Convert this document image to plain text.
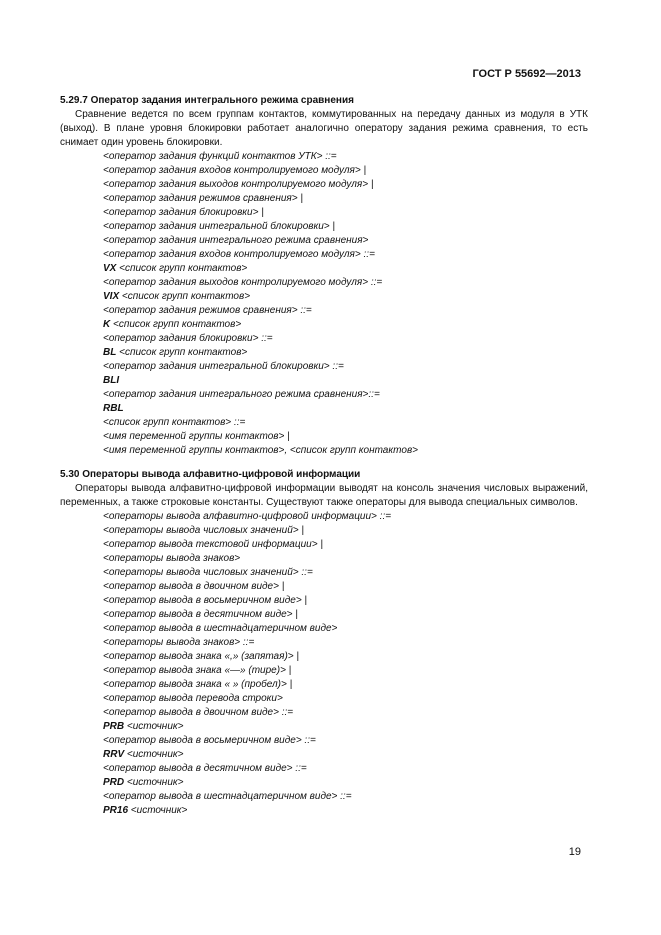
ГОСТ Р 55692—2013
5.29.7 Оператор задания интегрального режима сравнения
Сравнение ведется по всем группам контактов, коммутированных на передачу данных из модуля в УТК (выход). В плане уровня блокировки работает аналогично оператору задания режима сравнения, то есть снимает один уровень блокировки.
<оператор задания функций контактов УТК> ::=
<оператор задания входов контролируемого модуля> |
<оператор задания выходов контролируемого модуля> |
<оператор задания режимов сравнения> |
<оператор задания блокировки> |
<оператор задания интегральной блокировки> |
<оператор задания интегрального режима сравнения>
<оператор задания входов контролируемого модуля> ::=
VX <список групп контактов>
<оператор задания выходов контролируемого модуля> ::=
VIX <список групп контактов>
<оператор задания режимов сравнения> ::=
K <список групп контактов>
<оператор задания блокировки> ::=
BL <список групп контактов>
<оператор задания интегральной блокировки> ::=
BLI
<оператор задания интегрального режима сравнения>::=
RBL
<список групп контактов> ::=
<имя переменной группы контактов> |
<имя переменной группы контактов>, <список групп контактов>
5.30 Операторы вывода алфавитно-цифровой информации
Операторы вывода алфавитно-цифровой информации выводят на консоль значения числовых выражений, переменных, а также строковые константы. Существуют также операторы для вывода специальных символов.
<операторы вывода алфавитно-цифровой информации> ::=
<операторы вывода числовых значений> |
<оператор вывода текстовой информации> |
<операторы вывода знаков>
<операторы вывода числовых значений> ::=
<оператор вывода в двоичном виде> |
<оператор вывода в восьмеричном виде> |
<оператор вывода в десятичном виде> |
<оператор вывода в шестнадцатеричном виде>
<операторы вывода знаков> ::=
<оператор вывода знака «,» (запятая)> |
<оператор вывода знака «—» (тире)> |
<оператор вывода знака « » (пробел)> |
<оператор вывода перевода строки>
<оператор вывода в двоичном виде> ::=
PRB <источник>
<оператор вывода в восьмеричном виде> ::=
RRV <источник>
<оператор вывода в десятичном виде> ::=
PRD <источник>
<оператор вывода в шестнадцатеричном виде> ::=
PR16 <источник>
19
